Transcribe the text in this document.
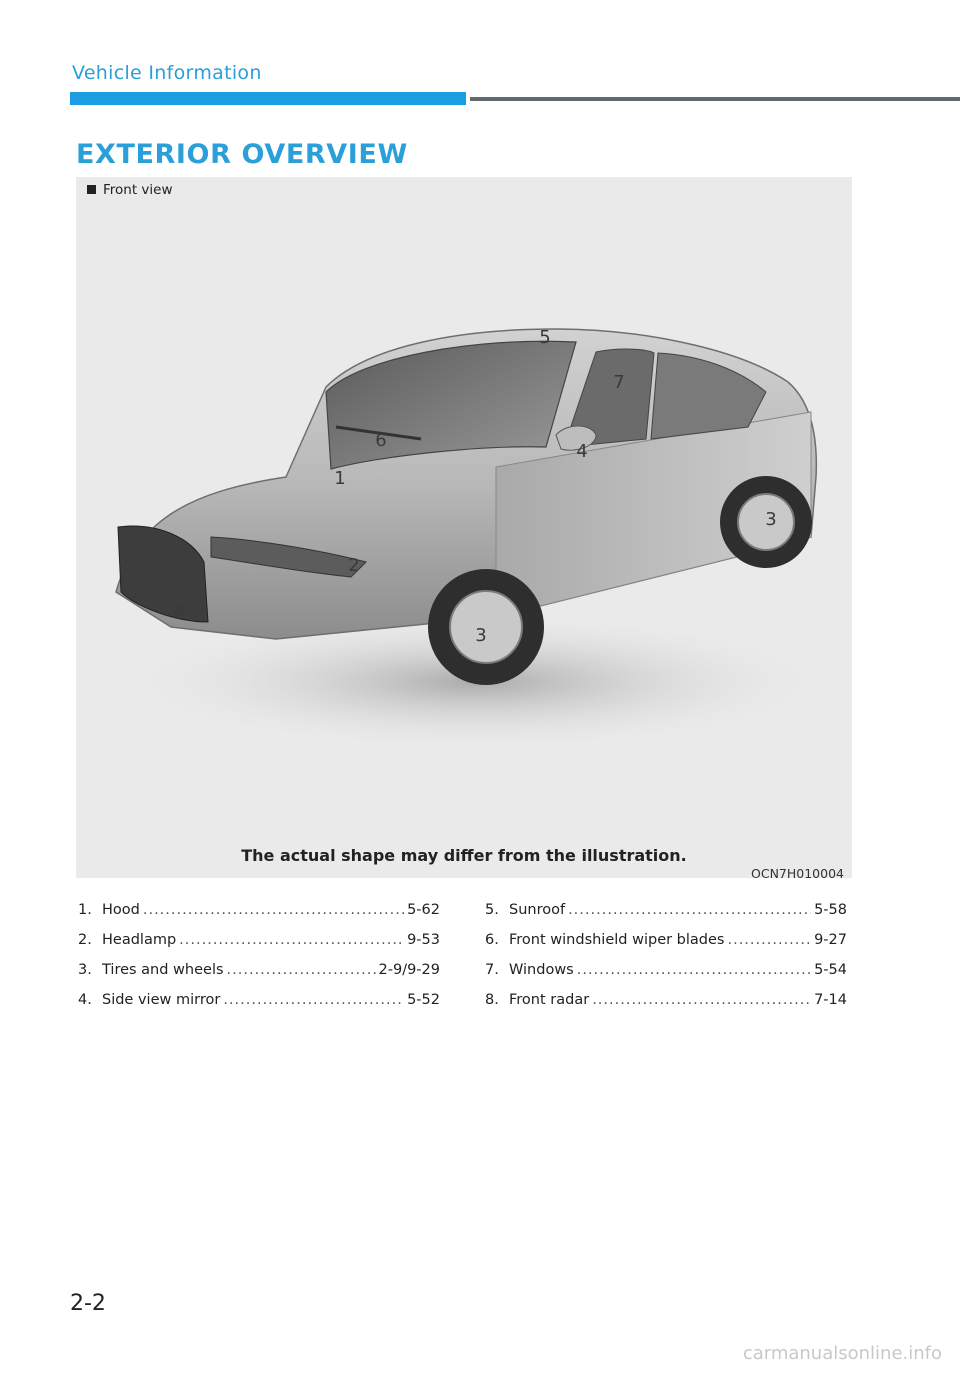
Vehicle Information
EXTERIOR OVERVIEW
5
7
6
4
1
3
2
8
3
Front view
The actual shape may differ from the illustration.
OCN7H010004
1. Hood .....	5-62
2. Headlamp .....	9-53
3. Tires and wheels .....	2-9/9-29
4. Side view mirror .....	5-52
5. Sunroof .....	5-58
6. Front windshield wiper blades .....	9-27
7. Windows .....	5-54
8. Front radar .....	7-14
2-2
carmanualsonline.info
